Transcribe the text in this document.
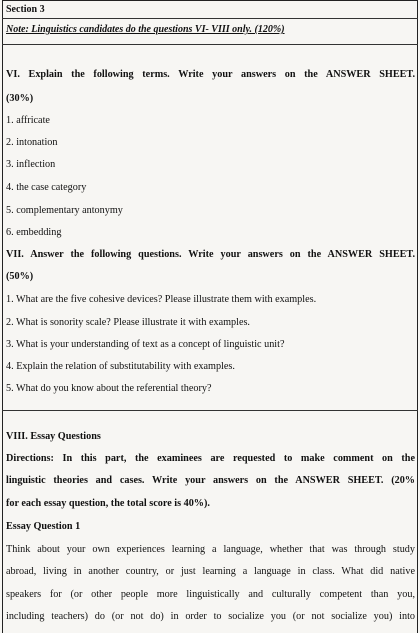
Section 3
Note: Linguistics candidates do the questions VI- VIII only. (120%)
VI. Explain the following terms. Write your answers on the ANSWER SHEET.
(30%)
1. affricate
2. intonation
3. inflection
4. the case category
5. complementary antonymy
6. embedding
VII. Answer the following questions. Write your answers on the ANSWER SHEET.
(50%)
1. What are the five cohesive devices? Please illustrate them with examples.
2. What is sonority scale? Please illustrate it with examples.
3. What is your understanding of text as a concept of linguistic unit?
4. Explain the relation of substitutability with examples.
5. What do you know about the referential theory?
VIII. Essay Questions
Directions: In this part, the examinees are requested to make comment on the
linguistic theories and cases. Write your answers on the ANSWER SHEET. (20%
for each essay question, the total score is 40%).
Essay Question 1
Think about your own experiences learning a language, whether that was through study
abroad, living in another country, or just learning a language in class. What did native
speakers for (or other people more linguistically and culturally competent than you,
including teachers) do (or not do) in order to socialize you (or not socialize you) into
